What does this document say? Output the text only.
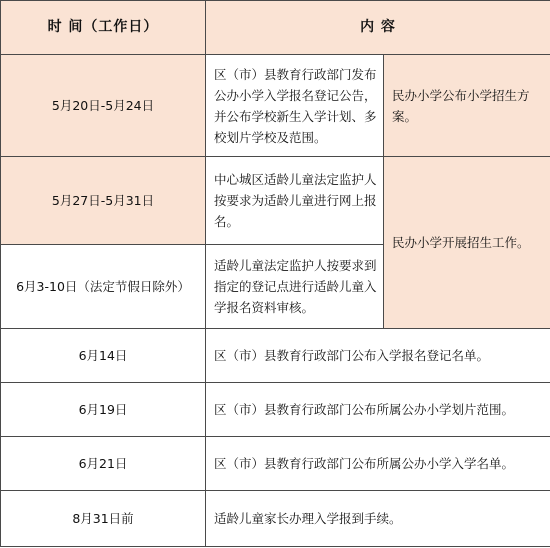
时 间（工作日）	内 容	
5月20日-5月24日	区（市）县教育行政部门发布公办小学入学报名登记公告，并公布学校新生入学计划、多校划片学校及范围。	民办小学公布小学招生方案。
5月27日-5月31日	中心城区适龄儿童法定监护人按要求为适龄儿童进行网上报名。	民办小学开展招生工作。
6月3-10日（法定节假日除外）	适龄儿童法定监护人按要求到指定的登记点进行适龄儿童入学报名资料审核。	
6月14日	区（市）县教育行政部门公布入学报名登记名单。	
6月19日	区（市）县教育行政部门公布所属公办小学划片范围。	
6月21日	区（市）县教育行政部门公布所属公办小学入学名单。	
8月31日前	适龄儿童家长办理入学报到手续。	
